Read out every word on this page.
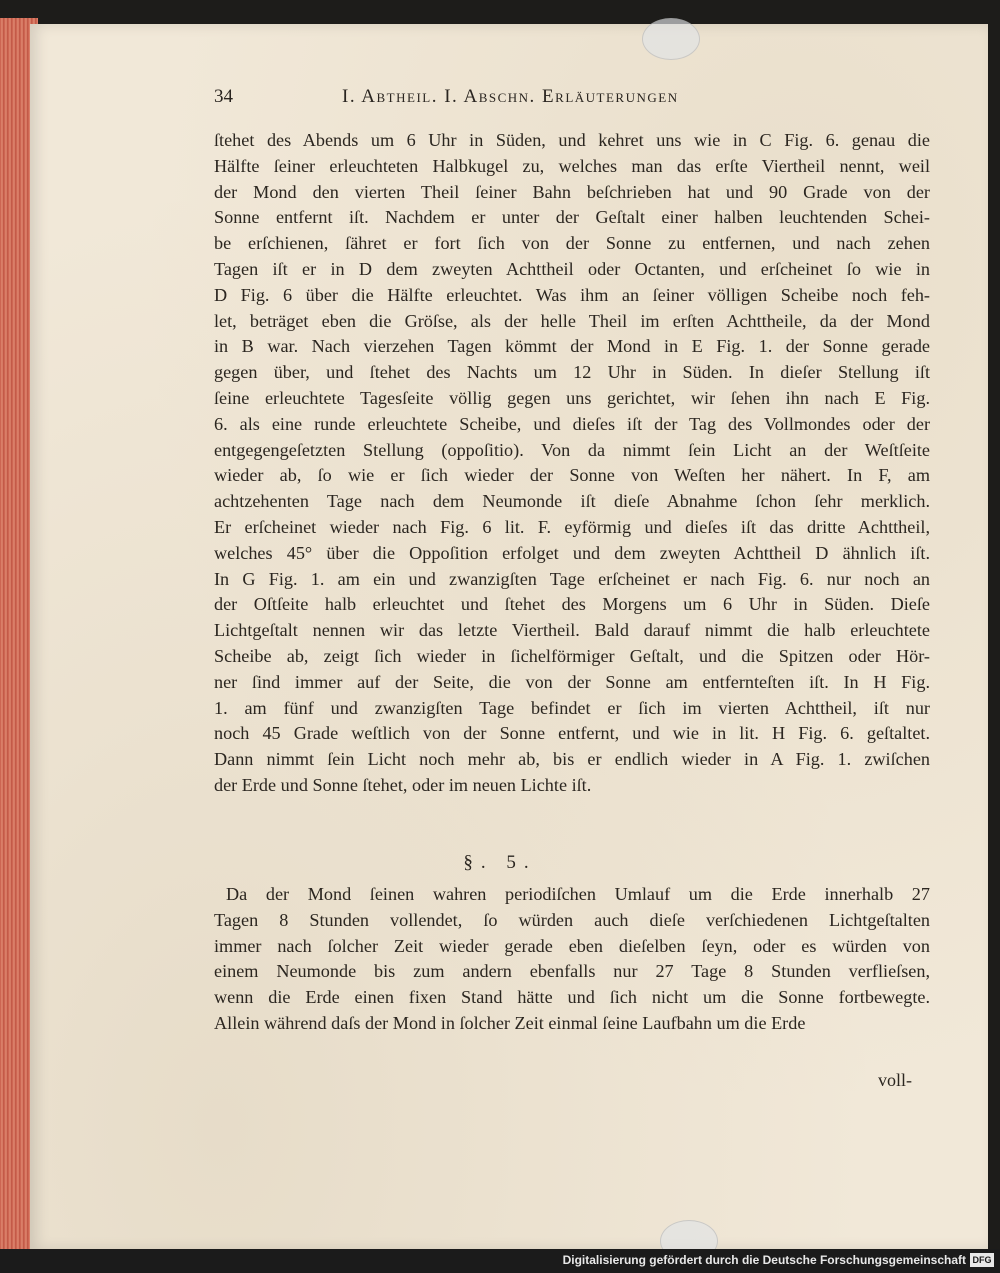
34	I. Abtheil. I. Abschn. Erläuterungen
ſtehet des Abends um 6 Uhr in Süden, und kehret uns wie in C Fig. 6. genau die
Hälfte ſeiner erleuchteten Halbkugel zu, welches man das erſte Viertheil nennt, weil
der Mond den vierten Theil ſeiner Bahn beſchrieben hat und 90 Grade von der
Sonne entfernt iſt. Nachdem er unter der Geſtalt einer halben leuchtenden Schei-
be erſchienen, ſähret er fort ſich von der Sonne zu entfernen, und nach zehen
Tagen iſt er in D dem zweyten Achttheil oder Octanten, und erſcheinet ſo wie in
D Fig. 6 über die Hälfte erleuchtet. Was ihm an ſeiner völligen Scheibe noch feh-
let, beträget eben die Gröſse, als der helle Theil im erſten Achttheile, da der Mond
in B war. Nach vierzehen Tagen kömmt der Mond in E Fig. 1. der Sonne gerade
gegen über, und ſtehet des Nachts um 12 Uhr in Süden. In dieſer Stellung iſt
ſeine erleuchtete Tagesſeite völlig gegen uns gerichtet, wir ſehen ihn nach E Fig.
6. als eine runde erleuchtete Scheibe, und dieſes iſt der Tag des Vollmondes oder der
entgegengeſetzten Stellung (oppoſitio). Von da nimmt ſein Licht an der Weſtſeite
wieder ab, ſo wie er ſich wieder der Sonne von Weſten her nähert. In F, am
achtzehenten Tage nach dem Neumonde iſt dieſe Abnahme ſchon ſehr merklich.
Er erſcheinet wieder nach Fig. 6 lit. F. eyförmig und dieſes iſt das dritte Achttheil,
welches 45° über die Oppoſition erfolget und dem zweyten Achttheil D ähnlich iſt.
In G Fig. 1. am ein und zwanzigſten Tage erſcheinet er nach Fig. 6. nur noch an
der Oſtſeite halb erleuchtet und ſtehet des Morgens um 6 Uhr in Süden. Dieſe
Lichtgeſtalt nennen wir das letzte Viertheil. Bald darauf nimmt die halb erleuchtete
Scheibe ab, zeigt ſich wieder in ſichelförmiger Geſtalt, und die Spitzen oder Hör-
ner ſind immer auf der Seite, die von der Sonne am entfernteſten iſt. In H Fig.
1. am fünf und zwanzigſten Tage befindet er ſich im vierten Achttheil, iſt nur
noch 45 Grade weſtlich von der Sonne entfernt, und wie in lit. H Fig. 6. geſtaltet.
Dann nimmt ſein Licht noch mehr ab, bis er endlich wieder in A Fig. 1. zwiſchen
der Erde und Sonne ſtehet, oder im neuen Lichte iſt.
§. 5.
Da der Mond ſeinen wahren periodiſchen Umlauf um die Erde innerhalb 27
Tagen 8 Stunden vollendet, ſo würden auch dieſe verſchiedenen Lichtgeſtalten
immer nach ſolcher Zeit wieder gerade eben dieſelben ſeyn, oder es würden von
einem Neumonde bis zum andern ebenfalls nur 27 Tage 8 Stunden verflieſsen,
wenn die Erde einen fixen Stand hätte und ſich nicht um die Sonne fortbewegte.
Allein während daſs der Mond in ſolcher Zeit einmal ſeine Laufbahn um die Erde
voll-
Digitalisierung gefördert durch die Deutsche Forschungsgemeinschaft DFG
